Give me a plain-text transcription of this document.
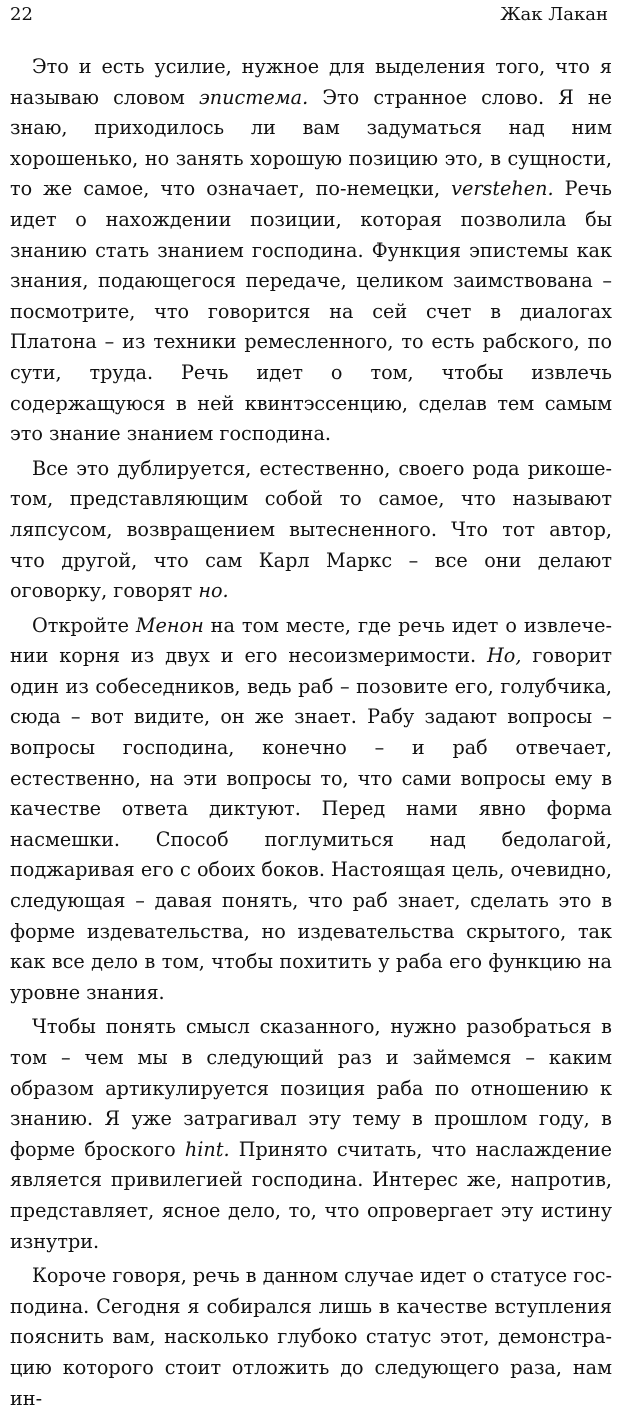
22	Жак Лакан

Это и есть усилие, нужное для выделения того, что я называю словом эпистема. Это странное слово. Я не знаю, приходилось ли вам задуматься над ним хорошенько, но занять хорошую позицию это, в сущности, то же самое, что означает, по-немецки, verstehen. Речь идет о нахождении позиции, которая позволила бы знанию стать знанием господина. Функция эпистемы как знания, подающегося передаче, целиком заимствована – посмотрите, что говорится на сей счет в диалогах Платона – из техники ремесленного, то есть рабского, по сути, труда. Речь идет о том, чтобы извлечь содержащуюся в ней квинтэссенцию, сделав тем самым это знание знанием господина.

Все это дублируется, естественно, своего рода рикошетом, представляющим собой то самое, что называют ляпсусом, возвращением вытесненного. Что тот автор, что другой, что сам Карл Маркс – все они делают оговорку, говорят но.

Откройте Менон на том месте, где речь идет о извлечении корня из двух и его несоизмеримости. Но, говорит один из собеседников, ведь раб – позовите его, голубчика, сюда – вот видите, он же знает. Рабу задают вопросы – вопросы господина, конечно – и раб отвечает, естественно, на эти вопросы то, что сами вопросы ему в качестве ответа диктуют. Перед нами явно форма насмешки. Способ поглумиться над бедолагой, поджаривая его с обоих боков. Настоящая цель, очевидно, следующая – давая понять, что раб знает, сделать это в форме издевательства, но издевательства скрытого, так как все дело в том, чтобы похитить у раба его функцию на уровне знания.

Чтобы понять смысл сказанного, нужно разобраться в том – чем мы в следующий раз и займемся – каким образом артикулируется позиция раба по отношению к знанию. Я уже затрагивал эту тему в прошлом году, в форме броского hint. Принято считать, что наслаждение является привилегией господина. Интерес же, напротив, представляет, ясное дело, то, что опровергает эту истину изнутри.

Короче говоря, речь в данном случае идет о статусе господина. Сегодня я собирался лишь в качестве вступления пояснить вам, насколько глубоко статус этот, демонстрацию которого стоит отложить до следующего раза, нам ин-
